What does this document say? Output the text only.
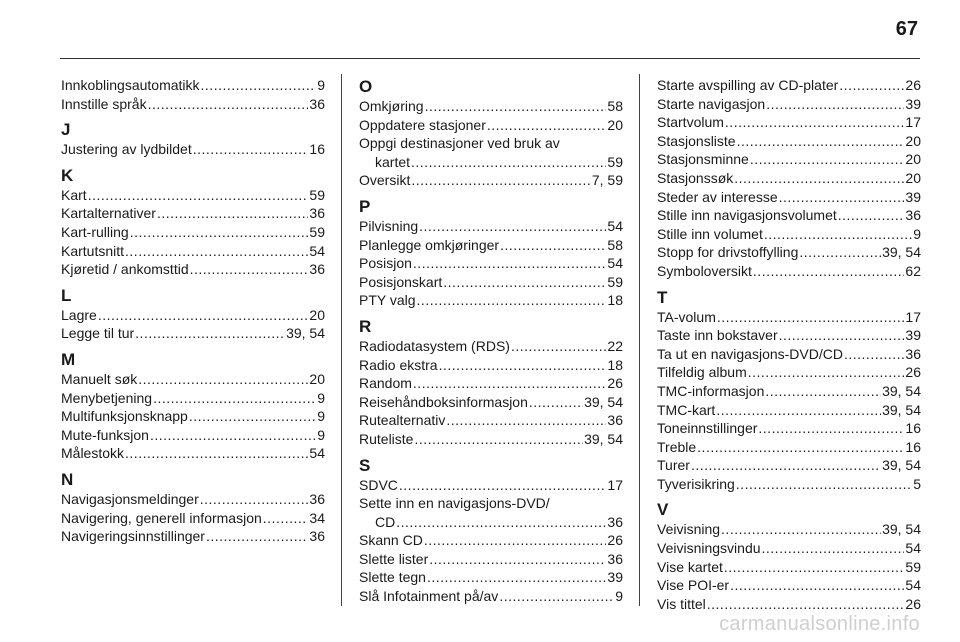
67
Innkoblingsautomatikk .....	9
Innstille språk .....	36
J
Justering av lydbildet .....	16
K
Kart .....	59
Kartalternativer .....	36
Kart-rulling .....	59
Kartutsnitt .....	54
Kjøretid / ankomsttid .....	36
L
Lagre .....	20
Legge til tur .....	39, 54
M
Manuelt søk .....	20
Menybetjening .....	9
Multifunksjonsknapp .....	9
Mute-funksjon .....	9
Målestokk .....	54
N
Navigasjonsmeldinger .....	36
Navigering, generell informasjon .....	34
Navigeringsinnstillinger .....	36
O
Omkjøring .....	58
Oppdatere stasjoner .....	20
Oppgi destinasjoner ved bruk av
kartet .....	59
Oversikt .....	7, 59
P
Pilvisning .....	54
Planlegge omkjøringer .....	58
Posisjon .....	54
Posisjonskart .....	59
PTY valg .....	18
R
Radiodatasystem (RDS) .....	22
Radio ekstra .....	18
Random .....	26
Reisehåndboksinformasjon .....	39, 54
Rutealternativ .....	36
Ruteliste .....	39, 54
S
SDVC .....	17
Sette inn en navigasjons-DVD/
CD .....	36
Skann CD .....	26
Slette lister .....	36
Slette tegn .....	39
Slå Infotainment på/av .....	9
Starte avspilling av CD-plater .....	26
Starte navigasjon .....	39
Startvolum .....	17
Stasjonsliste .....	20
Stasjonsminne .....	20
Stasjonssøk .....	20
Steder av interesse .....	39
Stille inn navigasjonsvolumet .....	36
Stille inn volumet .....	9
Stopp for drivstoffylling .....	39, 54
Symboloversikt .....	62
T
TA-volum .....	17
Taste inn bokstaver .....	39
Ta ut en navigasjons-DVD/CD .....	36
Tilfeldig album .....	26
TMC-informasjon .....	39, 54
TMC-kart .....	39, 54
Toneinnstillinger .....	16
Treble .....	16
Turer .....	39, 54
Tyverisikring .....	5
V
Veivisning .....	39, 54
Veivisningsvindu .....	54
Vise kartet .....	59
Vise POI-er .....	54
Vis tittel .....	26
carmanualsonline.info
